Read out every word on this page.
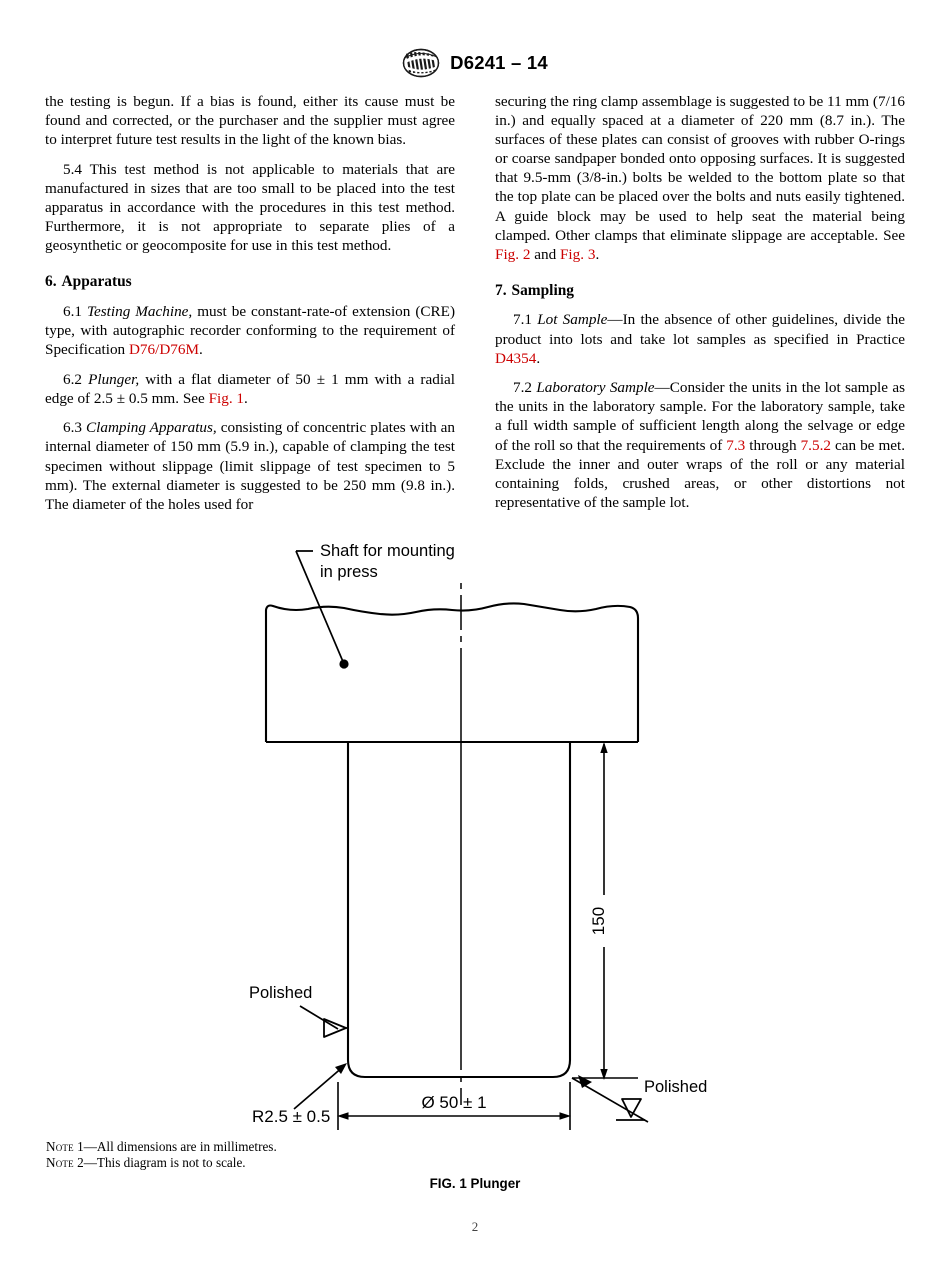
D6241 – 14

the testing is begun. If a bias is found, either its cause must be found and corrected, or the purchaser and the supplier must agree to interpret future test results in the light of the known bias.

5.4 This test method is not applicable to materials that are manufactured in sizes that are too small to be placed into the test apparatus in accordance with the procedures in this test method. Furthermore, it is not appropriate to separate plies of a geosynthetic or geocomposite for use in this test method.

6. Apparatus

6.1 Testing Machine, must be constant-rate-of extension (CRE) type, with autographic recorder conforming to the requirement of Specification D76/D76M.

6.2 Plunger, with a flat diameter of 50 ± 1 mm with a radial edge of 2.5 ± 0.5 mm. See Fig. 1.

6.3 Clamping Apparatus, consisting of concentric plates with an internal diameter of 150 mm (5.9 in.), capable of clamping the test specimen without slippage (limit slippage of test specimen to 5 mm). The external diameter is suggested to be 250 mm (9.8 in.). The diameter of the holes used for

securing the ring clamp assemblage is suggested to be 11 mm (7/16 in.) and equally spaced at a diameter of 220 mm (8.7 in.). The surfaces of these plates can consist of grooves with rubber O-rings or coarse sandpaper bonded onto opposing surfaces. It is suggested that 9.5-mm (3/8-in.) bolts be welded to the bottom plate so that the top plate can be placed over the bolts and nuts easily tightened. A guide block may be used to help seat the material being clamped. Other clamps that eliminate slippage are acceptable. See Fig. 2 and Fig. 3.

7. Sampling

7.1 Lot Sample—In the absence of other guidelines, divide the product into lots and take lot samples as specified in Practice D4354.

7.2 Laboratory Sample—Consider the units in the lot sample as the units in the laboratory sample. For the laboratory sample, take a full width sample of sufficient length along the selvage or edge of the roll so that the requirements of 7.3 through 7.5.2 can be met. Exclude the inner and outer wraps of the roll or any material containing folds, crushed areas, or other distortions not representative of the sample lot.

Shaft for mounting
in press
150
Polished
Polished
Ø 50 ± 1
R2.5 ± 0.5
Note 1—All dimensions are in millimetres.
Note 2—This diagram is not to scale.
FIG. 1 Plunger
2
